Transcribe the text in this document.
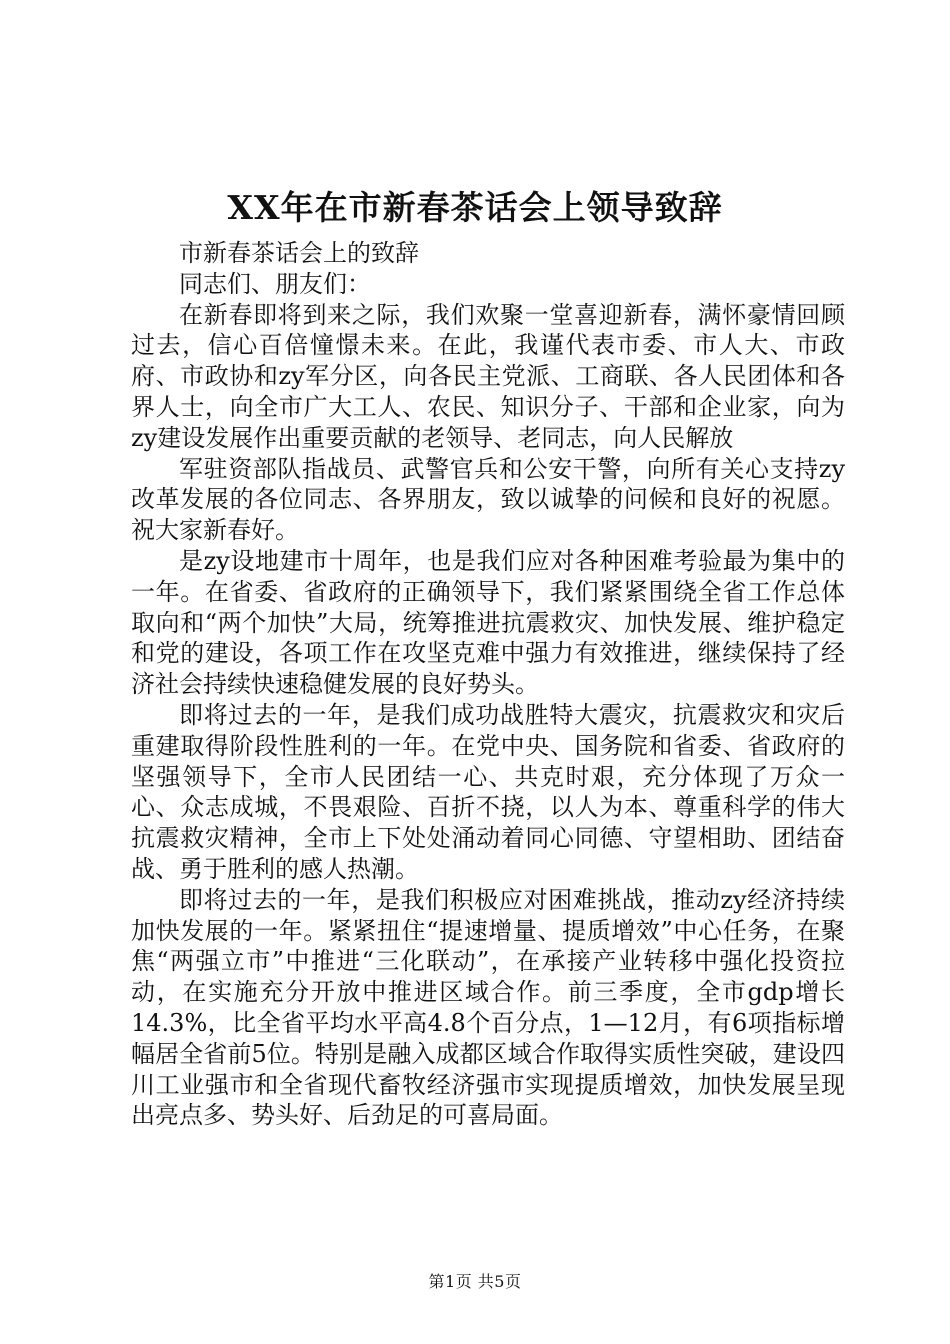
XX年在市新春茶话会上领导致辞

市新春茶话会上的致辞

同志们、朋友们：

在新春即将到来之际，我们欢聚一堂喜迎新春，满怀豪情回顾过去，信心百倍憧憬未来。在此，我谨代表市委、市人大、市政府、市政协和zy军分区，向各民主党派、工商联、各人民团体和各界人士，向全市广大工人、农民、知识分子、干部和企业家，向为zy建设发展作出重要贡献的老领导、老同志，向人民解放

军驻资部队指战员、武警官兵和公安干警，向所有关心支持zy改革发展的各位同志、各界朋友，致以诚挚的问候和良好的祝愿。祝大家新春好。

是zy设地建市十周年，也是我们应对各种困难考验最为集中的一年。在省委、省政府的正确领导下，我们紧紧围绕全省工作总体取向和“两个加快”大局，统筹推进抗震救灾、加快发展、维护稳定和党的建设，各项工作在攻坚克难中强力有效推进，继续保持了经济社会持续快速稳健发展的良好势头。

即将过去的一年，是我们成功战胜特大震灾，抗震救灾和灾后重建取得阶段性胜利的一年。在党中央、国务院和省委、省政府的坚强领导下，全市人民团结一心、共克时艰，充分体现了万众一心、众志成城，不畏艰险、百折不挠，以人为本、尊重科学的伟大抗震救灾精神，全市上下处处涌动着同心同德、守望相助、团结奋战、勇于胜利的感人热潮。

即将过去的一年，是我们积极应对困难挑战，推动zy经济持续加快发展的一年。紧紧扭住“提速增量、提质增效”中心任务，在聚焦“两强立市”中推进“三化联动”，在承接产业转移中强化投资拉动，在实施充分开放中推进区域合作。前三季度，全市gdp增长14.3%，比全省平均水平高4.8个百分点，1—12月，有6项指标增幅居全省前5位。特别是融入成都区域合作取得实质性突破，建设四川工业强市和全省现代畜牧经济强市实现提质增效，加快发展呈现出亮点多、势头好、后劲足的可喜局面。

第1页 共5页
